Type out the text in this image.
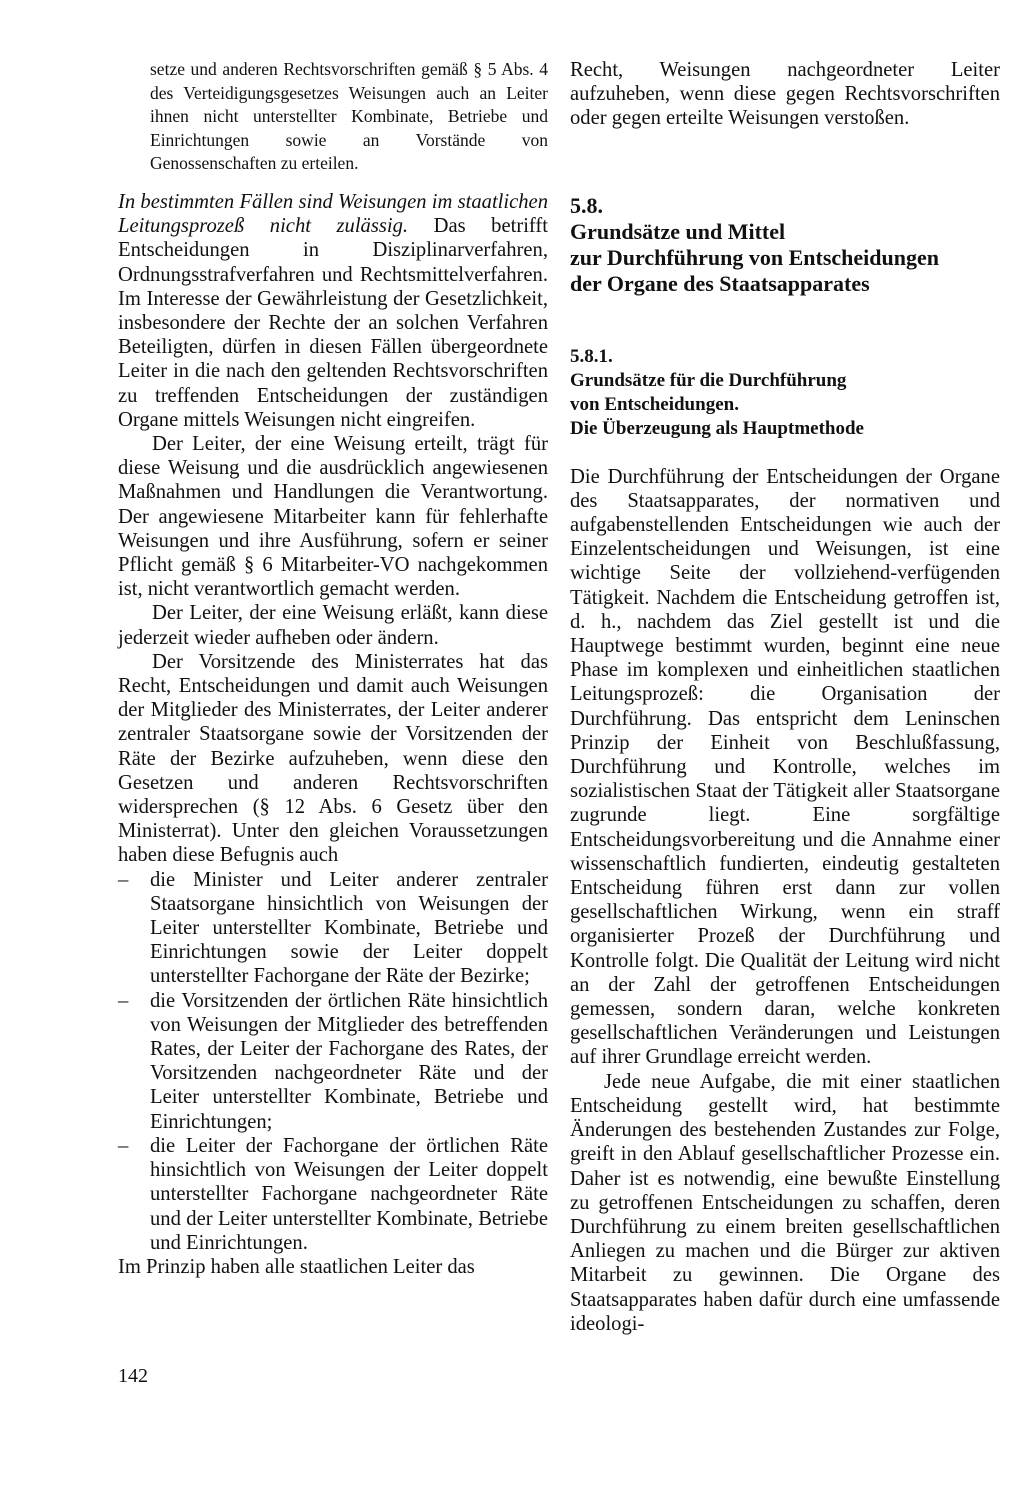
setze und anderen Rechtsvorschriften gemäß § 5 Abs. 4 des Verteidigungsgesetzes Weisungen auch an Leiter ihnen nicht unterstellter Kombinate, Betriebe und Einrichtungen sowie an Vorstände von Genossenschaften zu erteilen.

In bestimmten Fällen sind Weisungen im staatlichen Leitungsprozeß nicht zulässig. Das betrifft Entscheidungen in Disziplinarverfahren, Ordnungsstrafverfahren und Rechtsmittelverfahren. Im Interesse der Gewährleistung der Gesetzlichkeit, insbesondere der Rechte der an solchen Verfahren Beteiligten, dürfen in diesen Fällen übergeordnete Leiter in die nach den geltenden Rechtsvorschriften zu treffenden Entscheidungen der zuständigen Organe mittels Weisungen nicht eingreifen.

Der Leiter, der eine Weisung erteilt, trägt für diese Weisung und die ausdrücklich angewiesenen Maßnahmen und Handlungen die Verantwortung. Der angewiesene Mitarbeiter kann für fehlerhafte Weisungen und ihre Ausführung, sofern er seiner Pflicht gemäß § 6 Mitarbeiter-VO nachgekommen ist, nicht verantwortlich gemacht werden.

Der Leiter, der eine Weisung erläßt, kann diese jederzeit wieder aufheben oder ändern.

Der Vorsitzende des Ministerrates hat das Recht, Entscheidungen und damit auch Weisungen der Mitglieder des Ministerrates, der Leiter anderer zentraler Staatsorgane sowie der Vorsitzenden der Räte der Bezirke aufzuheben, wenn diese den Gesetzen und anderen Rechtsvorschriften widersprechen (§ 12 Abs. 6 Gesetz über den Ministerrat). Unter den gleichen Voraussetzungen haben diese Befugnis auch

– die Minister und Leiter anderer zentraler Staatsorgane hinsichtlich von Weisungen der Leiter unterstellter Kombinate, Betriebe und Einrichtungen sowie der Leiter doppelt unterstellter Fachorgane der Räte der Bezirke;
– die Vorsitzenden der örtlichen Räte hinsichtlich von Weisungen der Mitglieder des betreffenden Rates, der Leiter der Fachorgane des Rates, der Vorsitzenden nachgeordneter Räte und der Leiter unterstellter Kombinate, Betriebe und Einrichtungen;
– die Leiter der Fachorgane der örtlichen Räte hinsichtlich von Weisungen der Leiter doppelt unterstellter Fachorgane nachgeordneter Räte und der Leiter unterstellter Kombinate, Betriebe und Einrichtungen.

Im Prinzip haben alle staatlichen Leiter das

Recht, Weisungen nachgeordneter Leiter aufzuheben, wenn diese gegen Rechtsvorschriften oder gegen erteilte Weisungen verstoßen.

5.8.
Grundsätze und Mittel
zur Durchführung von Entscheidungen
der Organe des Staatsapparates
5.8.1.
Grundsätze für die Durchführung
von Entscheidungen.
Die Überzeugung als Hauptmethode

Die Durchführung der Entscheidungen der Organe des Staatsapparates, der normativen und aufgabenstellenden Entscheidungen wie auch der Einzelentscheidungen und Weisungen, ist eine wichtige Seite der vollziehend-verfügenden Tätigkeit. Nachdem die Entscheidung getroffen ist, d. h., nachdem das Ziel gestellt ist und die Hauptwege bestimmt wurden, beginnt eine neue Phase im komplexen und einheitlichen staatlichen Leitungsprozeß: die Organisation der Durchführung. Das entspricht dem Leninschen Prinzip der Einheit von Beschlußfassung, Durchführung und Kontrolle, welches im sozialistischen Staat der Tätigkeit aller Staatsorgane zugrunde liegt. Eine sorgfältige Entscheidungsvorbereitung und die Annahme einer wissenschaftlich fundierten, eindeutig gestalteten Entscheidung führen erst dann zur vollen gesellschaftlichen Wirkung, wenn ein straff organisierter Prozeß der Durchführung und Kontrolle folgt. Die Qualität der Leitung wird nicht an der Zahl der getroffenen Entscheidungen gemessen, sondern daran, welche konkreten gesellschaftlichen Veränderungen und Leistungen auf ihrer Grundlage erreicht werden.

Jede neue Aufgabe, die mit einer staatlichen Entscheidung gestellt wird, hat bestimmte Änderungen des bestehenden Zustandes zur Folge, greift in den Ablauf gesellschaftlicher Prozesse ein. Daher ist es notwendig, eine bewußte Einstellung zu getroffenen Entscheidungen zu schaffen, deren Durchführung zu einem breiten gesellschaftlichen Anliegen zu machen und die Bürger zur aktiven Mitarbeit zu gewinnen. Die Organe des Staatsapparates haben dafür durch eine umfassende ideologi-

142
